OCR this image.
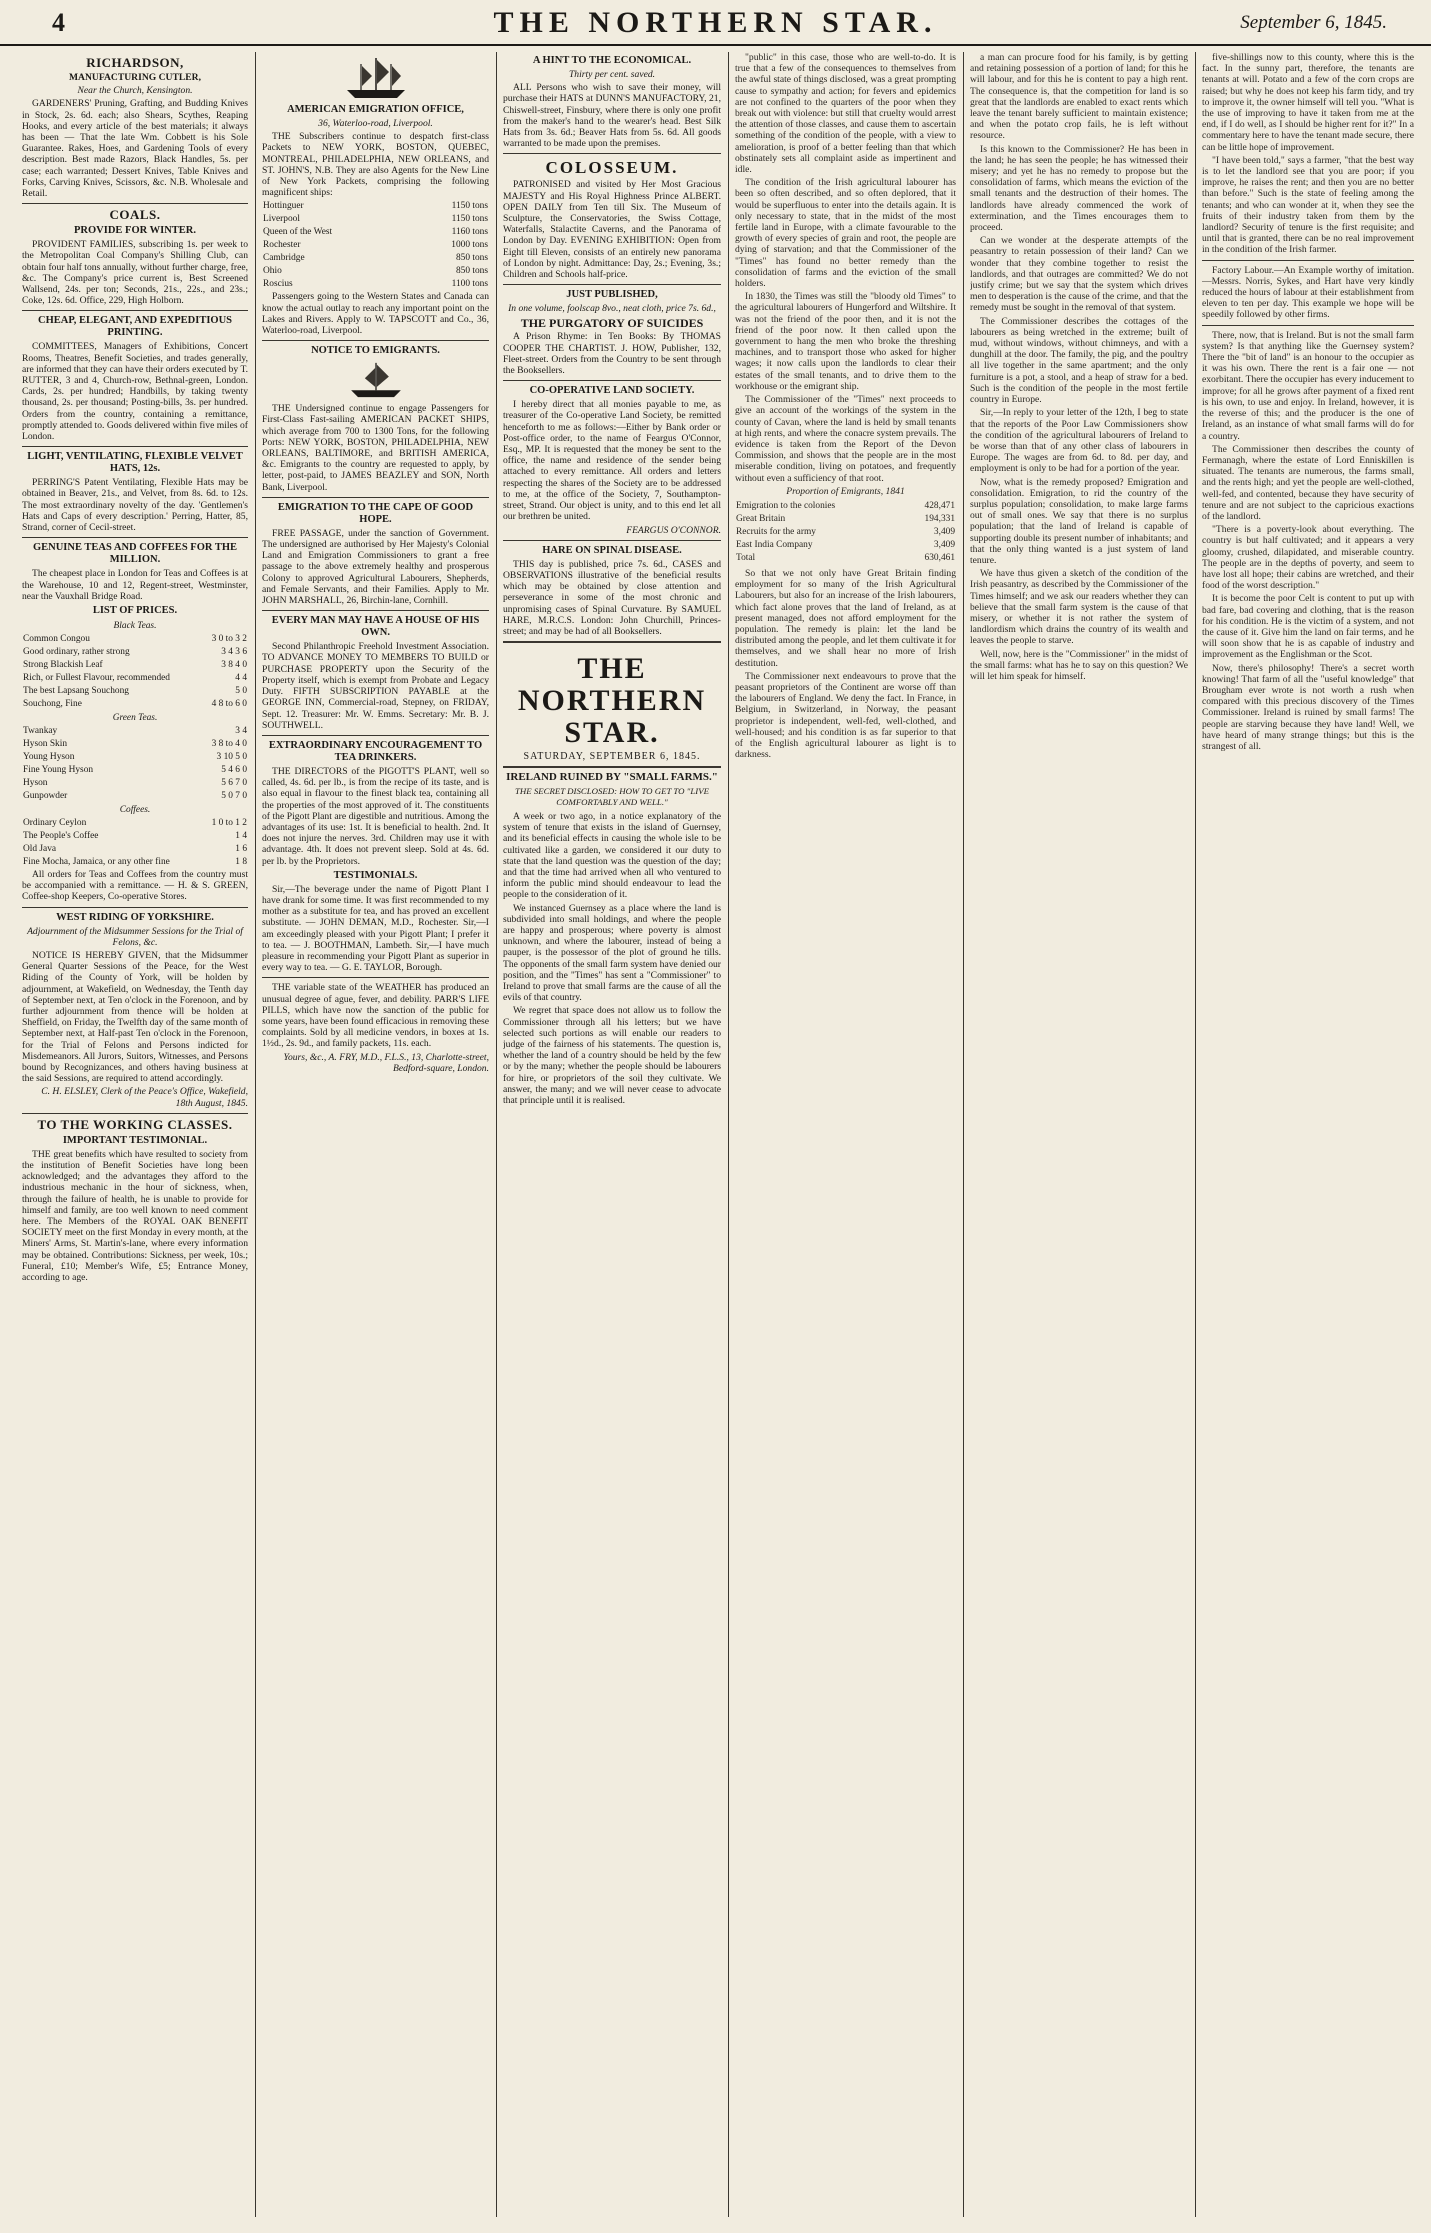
4	THE NORTHERN STAR.	September 6, 1845.
RICHARDSON,
MANUFACTURING CUTLER,
Near the Church, Kensington.

GARDENERS' Pruning, Grafting, and Budding Knives in Stock, 2s. 6d. each; also Shears, Scythes, Reaping Hooks, and every article of the best materials; it always has been — That the late Wm. Cobbett is his Sole Guarantee. Rakes, Hoes, and Gardening Tools of every description. Best made Razors, Black Handles, 5s. per case; each warranted; Dessert Knives, Table Knives and Forks, Carving Knives, Scissors, &c. N.B. Wholesale and Retail.

COALS.
PROVIDE FOR WINTER.

PROVIDENT FAMILIES, subscribing 1s. per week to the Metropolitan Coal Company's Shilling Club, can obtain four half tons annually, without further charge, free, &c. The Company's price current is, Best Screened Wallsend, 24s. per ton; Seconds, 21s., 22s., and 23s.; Coke, 12s. 6d. Office, 229, High Holborn.

CHEAP, ELEGANT, AND EXPEDITIOUS PRINTING.

COMMITTEES, Managers of Exhibitions, Concert Rooms, Theatres, Benefit Societies, and trades generally, are informed that they can have their orders executed by T. RUTTER, 3 and 4, Church-row, Bethnal-green, London. Cards, 2s. per hundred; Handbills, by taking twenty thousand, 2s. per thousand; Posting-bills, 3s. per hundred. Orders from the country, containing a remittance, promptly attended to. Goods delivered within five miles of London.

LIGHT, VENTILATING, FLEXIBLE VELVET HATS, 12s.

PERRING'S Patent Ventilating, Flexible Hats may be obtained in Beaver, 21s., and Velvet, from 8s. 6d. to 12s. The most extraordinary novelty of the day. 'Gentlemen's Hats and Caps of every description.' Perring, Hatter, 85, Strand, corner of Cecil-street.

GENUINE TEAS AND COFFEES FOR THE MILLION.

The cheapest place in London for Teas and Coffees is at the Warehouse, 10 and 12, Regent-street, Westminster, near the Vauxhall Bridge Road.

LIST OF PRICES.
Black Teas.	
Common Congou	3 0 to 3 2
Good ordinary, rather strong	3 4 3 6
Strong Blackish Leaf	3 8 4 0
Rich, or Fullest Flavour, recommended	4 4
The best Lapsang Souchong	5 0
Souchong, Fine	4 8 to 6 0
Green Teas.	
Twankay	3 4
Hyson Skin	3 8 to 4 0
Young Hyson	3 10 5 0
Fine Young Hyson	5 4 6 0
Hyson	5 6 7 0
Gunpowder	5 0 7 0
Coffees.	
Ordinary Ceylon	1 0 to 1 2
The People's Coffee	1 4
Old Java	1 6
Fine Mocha, Jamaica, or any other fine	1 8

All orders for Teas and Coffees from the country must be accompanied with a remittance. — H. & S. GREEN, Coffee-shop Keepers, Co-operative Stores.

WEST RIDING OF YORKSHIRE.
Adjournment of the Midsummer Sessions for the Trial of Felons, &c.

NOTICE IS HEREBY GIVEN, that the Midsummer General Quarter Sessions of the Peace, for the West Riding of the County of York, will be holden by adjournment, at Wakefield, on Wednesday, the Tenth day of September next, at Ten o'clock in the Forenoon, and by further adjournment from thence will be holden at Sheffield, on Friday, the Twelfth day of the same month of September next, at Half-past Ten o'clock in the Forenoon, for the Trial of Felons and Persons indicted for Misdemeanors. All Jurors, Suitors, Witnesses, and Persons bound by Recognizances, and others having business at the said Sessions, are required to attend accordingly.

C. H. ELSLEY, Clerk of the Peace's Office, Wakefield, 18th August, 1845.
TO THE WORKING CLASSES.
IMPORTANT TESTIMONIAL.

THE great benefits which have resulted to society from the institution of Benefit Societies have long been acknowledged; and the advantages they afford to the industrious mechanic in the hour of sickness, when, through the failure of health, he is unable to provide for himself and family, are too well known to need comment here. The Members of the ROYAL OAK BENEFIT SOCIETY meet on the first Monday in every month, at the Miners' Arms, St. Martin's-lane, where every information may be obtained. Contributions: Sickness, per week, 10s.; Funeral, £10; Member's Wife, £5; Entrance Money, according to age.

AMERICAN EMIGRATION OFFICE,
36, Waterloo-road, Liverpool.

THE Subscribers continue to despatch first-class Packets to NEW YORK, BOSTON, QUEBEC, MONTREAL, PHILADELPHIA, NEW ORLEANS, and ST. JOHN'S, N.B. They are also Agents for the New Line of New York Packets, comprising the following magnificent ships:

Hottinguer	1150 tons
Liverpool	1150 tons
Queen of the West	1160 tons
Rochester	1000 tons
Cambridge	850 tons
Ohio	850 tons
Roscius	1100 tons

Passengers going to the Western States and Canada can know the actual outlay to reach any important point on the Lakes and Rivers. Apply to W. TAPSCOTT and Co., 36, Waterloo-road, Liverpool.

NOTICE TO EMIGRANTS.

THE Undersigned continue to engage Passengers for First-Class Fast-sailing AMERICAN PACKET SHIPS, which average from 700 to 1300 Tons, for the following Ports: NEW YORK, BOSTON, PHILADELPHIA, NEW ORLEANS, BALTIMORE, and BRITISH AMERICA, &c. Emigrants to the country are requested to apply, by letter, post-paid, to JAMES BEAZLEY and SON, North Bank, Liverpool.

EMIGRATION TO THE CAPE OF GOOD HOPE.

FREE PASSAGE, under the sanction of Government. The undersigned are authorised by Her Majesty's Colonial Land and Emigration Commissioners to grant a free passage to the above extremely healthy and prosperous Colony to approved Agricultural Labourers, Shepherds, and Female Servants, and their Families. Apply to Mr. JOHN MARSHALL, 26, Birchin-lane, Cornhill.

EVERY MAN MAY HAVE A HOUSE OF HIS OWN.

Second Philanthropic Freehold Investment Association. TO ADVANCE MONEY TO MEMBERS TO BUILD or PURCHASE PROPERTY upon the Security of the Property itself, which is exempt from Probate and Legacy Duty. FIFTH SUBSCRIPTION PAYABLE at the GEORGE INN, Commercial-road, Stepney, on FRIDAY, Sept. 12. Treasurer: Mr. W. Emms. Secretary: Mr. B. J. SOUTHWELL.

EXTRAORDINARY ENCOURAGEMENT TO TEA DRINKERS.

THE DIRECTORS of the PIGOTT'S PLANT, well so called, 4s. 6d. per lb., is from the recipe of its taste, and is also equal in flavour to the finest black tea, containing all the properties of the most approved of it. The constituents of the Pigott Plant are digestible and nutritious. Among the advantages of its use: 1st. It is beneficial to health. 2nd. It does not injure the nerves. 3rd. Children may use it with advantage. 4th. It does not prevent sleep. Sold at 4s. 6d. per lb. by the Proprietors.

TESTIMONIALS.

Sir,—The beverage under the name of Pigott Plant I have drank for some time. It was first recommended to my mother as a substitute for tea, and has proved an excellent substitute. — JOHN DEMAN, M.D., Rochester. Sir,—I am exceedingly pleased with your Pigott Plant; I prefer it to tea. — J. BOOTHMAN, Lambeth. Sir,—I have much pleasure in recommending your Pigott Plant as superior in every way to tea. — G. E. TAYLOR, Borough.

THE variable state of the WEATHER has produced an unusual degree of ague, fever, and debility. PARR'S LIFE PILLS, which have now the sanction of the public for some years, have been found efficacious in removing these complaints. Sold by all medicine vendors, in boxes at 1s. 1½d., 2s. 9d., and family packets, 11s. each.

Yours, &c., A. FRY, M.D., F.L.S., 13, Charlotte-street, Bedford-square, London.
A HINT TO THE ECONOMICAL.
Thirty per cent. saved.

ALL Persons who wish to save their money, will purchase their HATS at DUNN'S MANUFACTORY, 21, Chiswell-street, Finsbury, where there is only one profit from the maker's hand to the wearer's head. Best Silk Hats from 3s. 6d.; Beaver Hats from 5s. 6d. All goods warranted to be made upon the premises.

COLOSSEUM.

PATRONISED and visited by Her Most Gracious MAJESTY and His Royal Highness Prince ALBERT. OPEN DAILY from Ten till Six. The Museum of Sculpture, the Conservatories, the Swiss Cottage, Waterfalls, Stalactite Caverns, and the Panorama of London by Day. EVENING EXHIBITION: Open from Eight till Eleven, consists of an entirely new panorama of London by night. Admittance: Day, 2s.; Evening, 3s.; Children and Schools half-price.

JUST PUBLISHED,
In one volume, foolscap 8vo., neat cloth, price 7s. 6d.,
THE PURGATORY OF SUICIDES

A Prison Rhyme: in Ten Books: By THOMAS COOPER THE CHARTIST. J. HOW, Publisher, 132, Fleet-street. Orders from the Country to be sent through the Booksellers.

CO-OPERATIVE LAND SOCIETY.

I hereby direct that all monies payable to me, as treasurer of the Co-operative Land Society, be remitted henceforth to me as follows:—Either by Bank order or Post-office order, to the name of Feargus O'Connor, Esq., MP. It is requested that the money be sent to the office, the name and residence of the sender being attached to every remittance. All orders and letters respecting the shares of the Society are to be addressed to me, at the office of the Society, 7, Southampton-street, Strand. Our object is unity, and to this end let all our brethren be united.

FEARGUS O'CONNOR.
HARE ON SPINAL DISEASE.

THIS day is published, price 7s. 6d., CASES and OBSERVATIONS illustrative of the beneficial results which may be obtained by close attention and perseverance in some of the most chronic and unpromising cases of Spinal Curvature. By SAMUEL HARE, M.R.C.S. London: John Churchill, Princes-street; and may be had of all Booksellers.

THE NORTHERN STAR.
SATURDAY, SEPTEMBER 6, 1845.
IRELAND RUINED BY "SMALL FARMS."
THE SECRET DISCLOSED: HOW TO GET TO "LIVE COMFORTABLY AND WELL."

A week or two ago, in a notice explanatory of the system of tenure that exists in the island of Guernsey, and its beneficial effects in causing the whole isle to be cultivated like a garden, we considered it our duty to state that the land question was the question of the day; and that the time had arrived when all who ventured to inform the public mind should endeavour to lead the people to the consideration of it.

We instanced Guernsey as a place where the land is subdivided into small holdings, and where the people are happy and prosperous; where poverty is almost unknown, and where the labourer, instead of being a pauper, is the possessor of the plot of ground he tills. The opponents of the small farm system have denied our position, and the "Times" has sent a "Commissioner" to Ireland to prove that small farms are the cause of all the evils of that country.

We regret that space does not allow us to follow the Commissioner through all his letters; but we have selected such portions as will enable our readers to judge of the fairness of his statements. The question is, whether the land of a country should be held by the few or by the many; whether the people should be labourers for hire, or proprietors of the soil they cultivate. We answer, the many; and we will never cease to advocate that principle until it is realised.

"public" in this case, those who are well-to-do. It is true that a few of the consequences to themselves from the awful state of things disclosed, was a great prompting cause to sympathy and action; for fevers and epidemics are not confined to the quarters of the poor when they break out with violence: but still that cruelty would arrest the attention of those classes, and cause them to ascertain something of the condition of the people, with a view to amelioration, is proof of a better feeling than that which obstinately sets all complaint aside as impertinent and idle.

The condition of the Irish agricultural labourer has been so often described, and so often deplored, that it would be superfluous to enter into the details again. It is only necessary to state, that in the midst of the most fertile land in Europe, with a climate favourable to the growth of every species of grain and root, the people are dying of starvation; and that the Commissioner of the "Times" has found no better remedy than the consolidation of farms and the eviction of the small holders.

In 1830, the Times was still the "bloody old Times" to the agricultural labourers of Hungerford and Wiltshire. It was not the friend of the poor then, and it is not the friend of the poor now. It then called upon the government to hang the men who broke the threshing machines, and to transport those who asked for higher wages; it now calls upon the landlords to clear their estates of the small tenants, and to drive them to the workhouse or the emigrant ship.

The Commissioner of the "Times" next proceeds to give an account of the workings of the system in the county of Cavan, where the land is held by small tenants at high rents, and where the conacre system prevails. The evidence is taken from the Report of the Devon Commission, and shows that the people are in the most miserable condition, living on potatoes, and frequently without even a sufficiency of that root.

Proportion of Emigrants, 1841
Emigration to the colonies	428,471
Great Britain	194,331
Recruits for the army	3,409
East India Company	3,409
Total	630,461

So that we not only have Great Britain finding employment for so many of the Irish Agricultural Labourers, but also for an increase of the Irish labourers, which fact alone proves that the land of Ireland, as at present managed, does not afford employment for the population. The remedy is plain: let the land be distributed among the people, and let them cultivate it for themselves, and we shall hear no more of Irish destitution.

The Commissioner next endeavours to prove that the peasant proprietors of the Continent are worse off than the labourers of England. We deny the fact. In France, in Belgium, in Switzerland, in Norway, the peasant proprietor is independent, well-fed, well-clothed, and well-housed; and his condition is as far superior to that of the English agricultural labourer as light is to darkness.

a man can procure food for his family, is by getting and retaining possession of a portion of land; for this he will labour, and for this he is content to pay a high rent. The consequence is, that the competition for land is so great that the landlords are enabled to exact rents which leave the tenant barely sufficient to maintain existence; and when the potato crop fails, he is left without resource.

Is this known to the Commissioner? He has been in the land; he has seen the people; he has witnessed their misery; and yet he has no remedy to propose but the consolidation of farms, which means the eviction of the small tenants and the destruction of their homes. The landlords have already commenced the work of extermination, and the Times encourages them to proceed.

Can we wonder at the desperate attempts of the peasantry to retain possession of their land? Can we wonder that they combine together to resist the landlords, and that outrages are committed? We do not justify crime; but we say that the system which drives men to desperation is the cause of the crime, and that the remedy must be sought in the removal of that system.

The Commissioner describes the cottages of the labourers as being wretched in the extreme; built of mud, without windows, without chimneys, and with a dunghill at the door. The family, the pig, and the poultry all live together in the same apartment; and the only furniture is a pot, a stool, and a heap of straw for a bed. Such is the condition of the people in the most fertile country in Europe.

Sir,—In reply to your letter of the 12th, I beg to state that the reports of the Poor Law Commissioners show the condition of the agricultural labourers of Ireland to be worse than that of any other class of labourers in Europe. The wages are from 6d. to 8d. per day, and employment is only to be had for a portion of the year.

Now, what is the remedy proposed? Emigration and consolidation. Emigration, to rid the country of the surplus population; consolidation, to make large farms out of small ones. We say that there is no surplus population; that the land of Ireland is capable of supporting double its present number of inhabitants; and that the only thing wanted is a just system of land tenure.

We have thus given a sketch of the condition of the Irish peasantry, as described by the Commissioner of the Times himself; and we ask our readers whether they can believe that the small farm system is the cause of that misery, or whether it is not rather the system of landlordism which drains the country of its wealth and leaves the people to starve.

Well, now, here is the "Commissioner" in the midst of the small farms: what has he to say on this question? We will let him speak for himself.

five-shillings now to this county, where this is the fact. In the sunny part, therefore, the tenants are tenants at will. Potato and a few of the corn crops are raised; but why he does not keep his farm tidy, and try to improve it, the owner himself will tell you. "What is the use of improving to have it taken from me at the end, if I do well, as I should be higher rent for it?" In a commentary here to have the tenant made secure, there can be little hope of improvement.

"I have been told," says a farmer, "that the best way is to let the landlord see that you are poor; if you improve, he raises the rent; and then you are no better than before." Such is the state of feeling among the tenants; and who can wonder at it, when they see the fruits of their industry taken from them by the landlord? Security of tenure is the first requisite; and until that is granted, there can be no real improvement in the condition of the Irish farmer.

Factory Labour.—An Example worthy of imitation.—Messrs. Norris, Sykes, and Hart have very kindly reduced the hours of labour at their establishment from eleven to ten per day. This example we hope will be speedily followed by other firms.

There, now, that is Ireland. But is not the small farm system? Is that anything like the Guernsey system? There the "bit of land" is an honour to the occupier as it was his own. There the rent is a fair one — not exorbitant. There the occupier has every inducement to improve; for all he grows after payment of a fixed rent is his own, to use and enjoy. In Ireland, however, it is the reverse of this; and the producer is the one of Ireland, as an instance of what small farms will do for a country.

The Commissioner then describes the county of Fermanagh, where the estate of Lord Enniskillen is situated. The tenants are numerous, the farms small, and the rents high; and yet the people are well-clothed, well-fed, and contented, because they have security of tenure and are not subject to the capricious exactions of the landlord.

"There is a poverty-look about everything. The country is but half cultivated; and it appears a very gloomy, crushed, dilapidated, and miserable country. The people are in the depths of poverty, and seem to have lost all hope; their cabins are wretched, and their food of the worst description."

It is become the poor Celt is content to put up with bad fare, bad covering and clothing, that is the reason for his condition. He is the victim of a system, and not the cause of it. Give him the land on fair terms, and he will soon show that he is as capable of industry and improvement as the Englishman or the Scot.

Now, there's philosophy! There's a secret worth knowing! That farm of all the "useful knowledge" that Brougham ever wrote is not worth a rush when compared with this precious discovery of the Times Commissioner. Ireland is ruined by small farms! The people are starving because they have land! Well, we have heard of many strange things; but this is the strangest of all.
